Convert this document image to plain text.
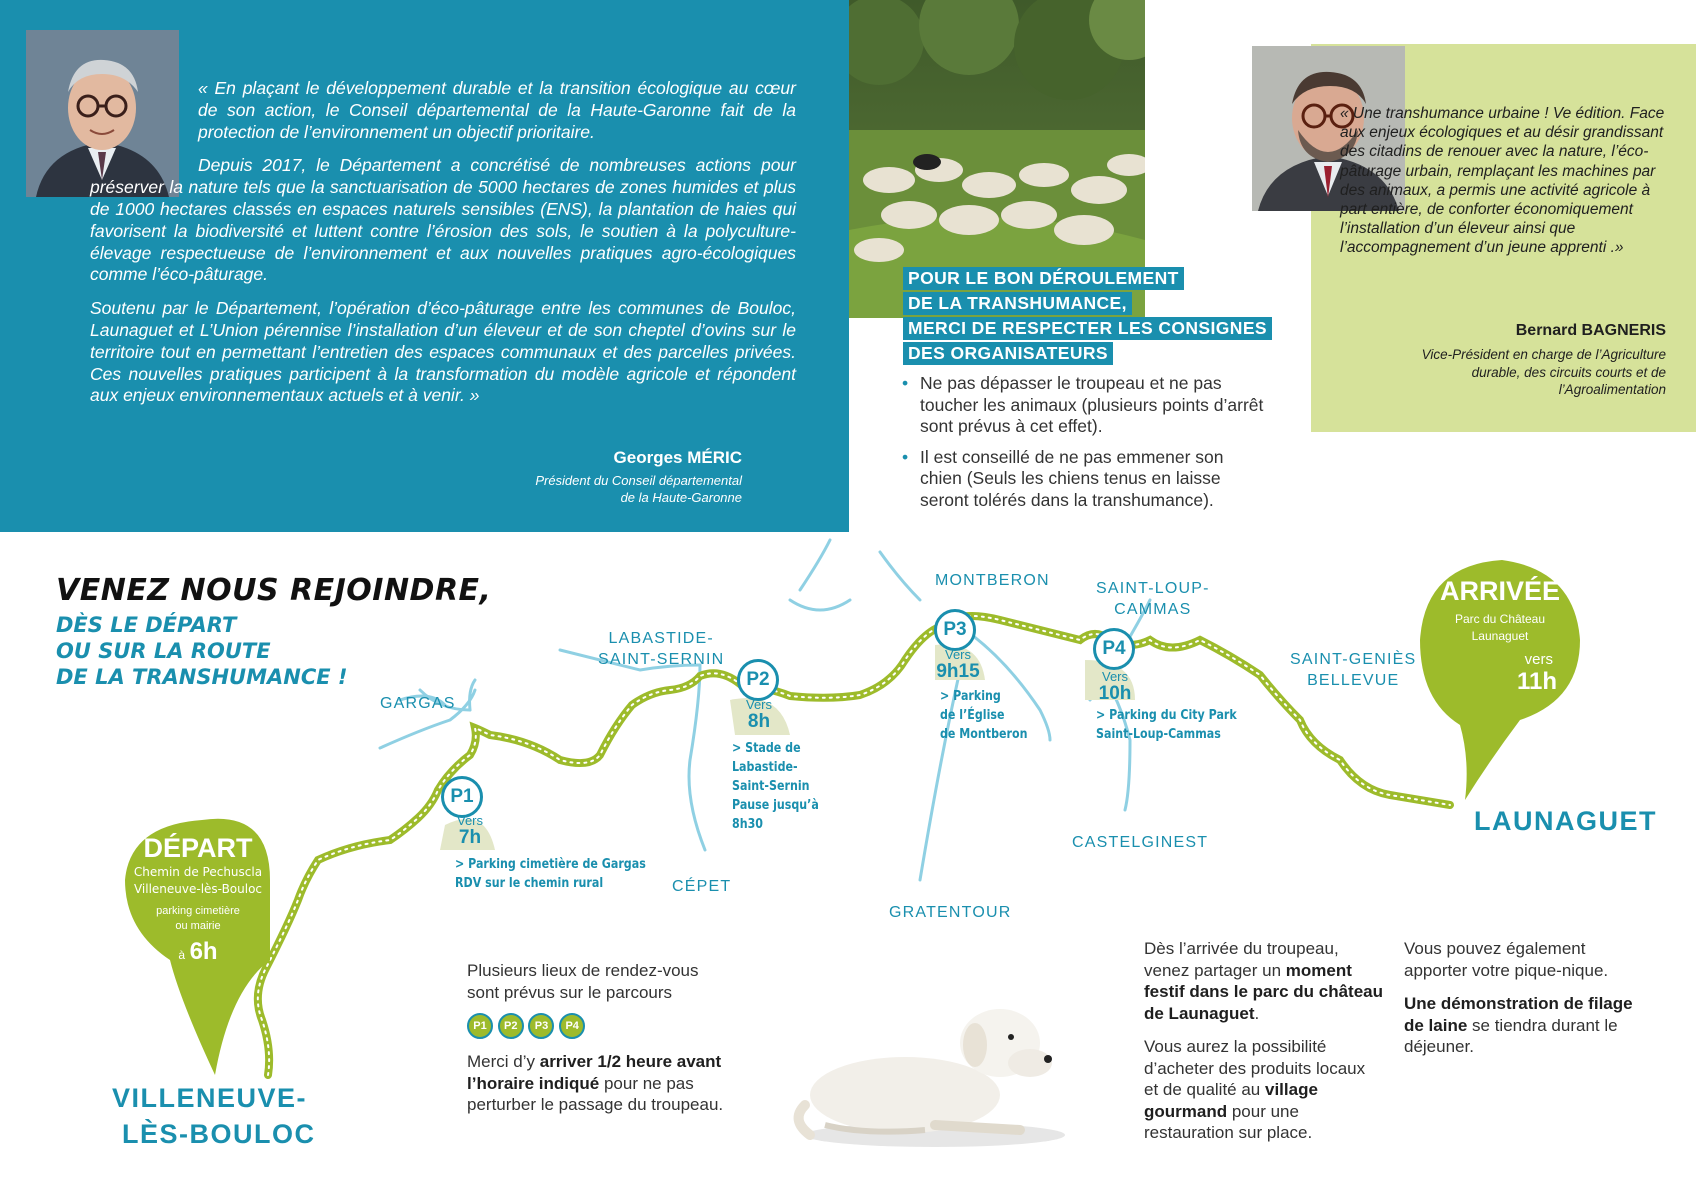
« En plaçant le développement durable et la transition écologique au cœur de son action, le Conseil départemental de la Haute-Garonne fait de la protection de l’environnement un objectif prioritaire.

Depuis 2017, le Département a concrétisé de nombreuses actions pour préserver la nature tels que la sanctuarisation de 5000 hectares de zones humides et plus de 1000 hectares classés en espaces naturels sensibles (ENS), la plantation de haies qui favorisent la biodiversité et luttent contre l’érosion des sols, le soutien à la polyculture-élevage respectueuse de l’environnement et aux nouvelles pratiques agro-écologiques comme l’éco-pâturage.

Soutenu par le Département, l’opération d’éco-pâturage entre les communes de Bouloc, Launaguet et L’Union pérennise l’installation d’un éleveur et de son cheptel d’ovins sur le territoire tout en permettant l’entretien des espaces communaux et des parcelles privées. Ces nouvelles pratiques participent à la transformation du modèle agricole et répondent aux enjeux environnementaux actuels et à venir. »

Georges MÉRIC
Président du Conseil départemental
de la Haute-Garonne
« Une transhumance urbaine ! Ve édition. Face aux enjeux écologiques et au désir grandissant des citadins de renouer avec la nature, l’éco-pâturage urbain, remplaçant les machines par des animaux, a permis une activité agricole à part entière, de conforter économiquement l’installation d’un éleveur ainsi que l’accompagnement d’un jeune apprenti .»
Bernard BAGNERIS
Vice-Président en charge de l’Agriculture
durable, des circuits courts et de
l’Agroalimentation
POUR LE BON DÉROULEMENT
DE LA TRANSHUMANCE,
MERCI DE RESPECTER LES CONSIGNES
DES ORGANISATEURS
• Ne pas dépasser le troupeau et ne pas toucher les animaux (plusieurs points d’arrêt sont prévus à cet effet).
• Il est conseillé de ne pas emmener son chien (Seuls les chiens tenus en laisse seront tolérés dans la transhumance).
VENEZ NOUS REJOINDRE,
DÈS LE DÉPART
OU SUR LA ROUTE
DE LA TRANSHUMANCE !
GARGAS
LABASTIDE-
SAINT-SERNIN
MONTBERON	SAINT-LOUP-
CAMMAS
SAINT-GENIÈS
BELLEVUE
CÉPET
GRATENTOUR
CASTELGINEST
DÉPART
Chemin de Pechuscla
Villeneuve-lès-Bouloc
parking cimetière
ou mairie
à 6h
VILLENEUVE-
LÈS-BOULOC
ARRIVÉE
Parc du Château
Launaguet
vers
11h
LAUNAGUET
P1
Vers
7h
> Parking cimetière de Gargas
RDV sur le chemin rural
P2
Vers
8h
> Stade de
Labastide-
Saint-Sernin
Pause jusqu’à
8h30
P3
Vers
9h15
> Parking
de l’Église
de Montberon
P4
Vers
10h
> Parking du City Park
Saint-Loup-Cammas
Plusieurs lieux de rendez-vous sont prévus sur le parcours
P1 P2 P3 P4
Merci d’y arriver 1/2 heure avant l’horaire indiqué pour ne pas perturber le passage du troupeau.

Dès l’arrivée du troupeau, venez partager un moment festif dans le parc du château de Launaguet.

Vous aurez la possibilité d’acheter des produits locaux et de qualité au village gourmand pour une restauration sur place.

Vous pouvez également apporter votre pique-nique.

Une démonstration de filage de laine se tiendra durant le déjeuner.
